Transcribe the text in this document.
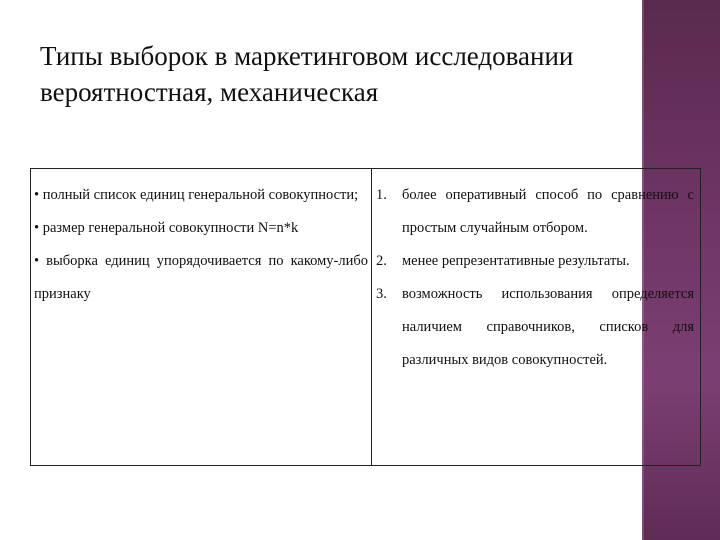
Типы выборок в маркетинговом исследовании
вероятностная, механическая
• полный список единиц генеральной совокупности;
• размер генеральной совокупности N=n*k
• выборка единиц упорядочивается по какому-либо признаку
1.	более оперативный способ по сравнению с простым случайным отбором.
2.	менее репрезентативные результаты.
3.	возможность использования определяется наличием справочников, списков для различных видов совокупностей.
